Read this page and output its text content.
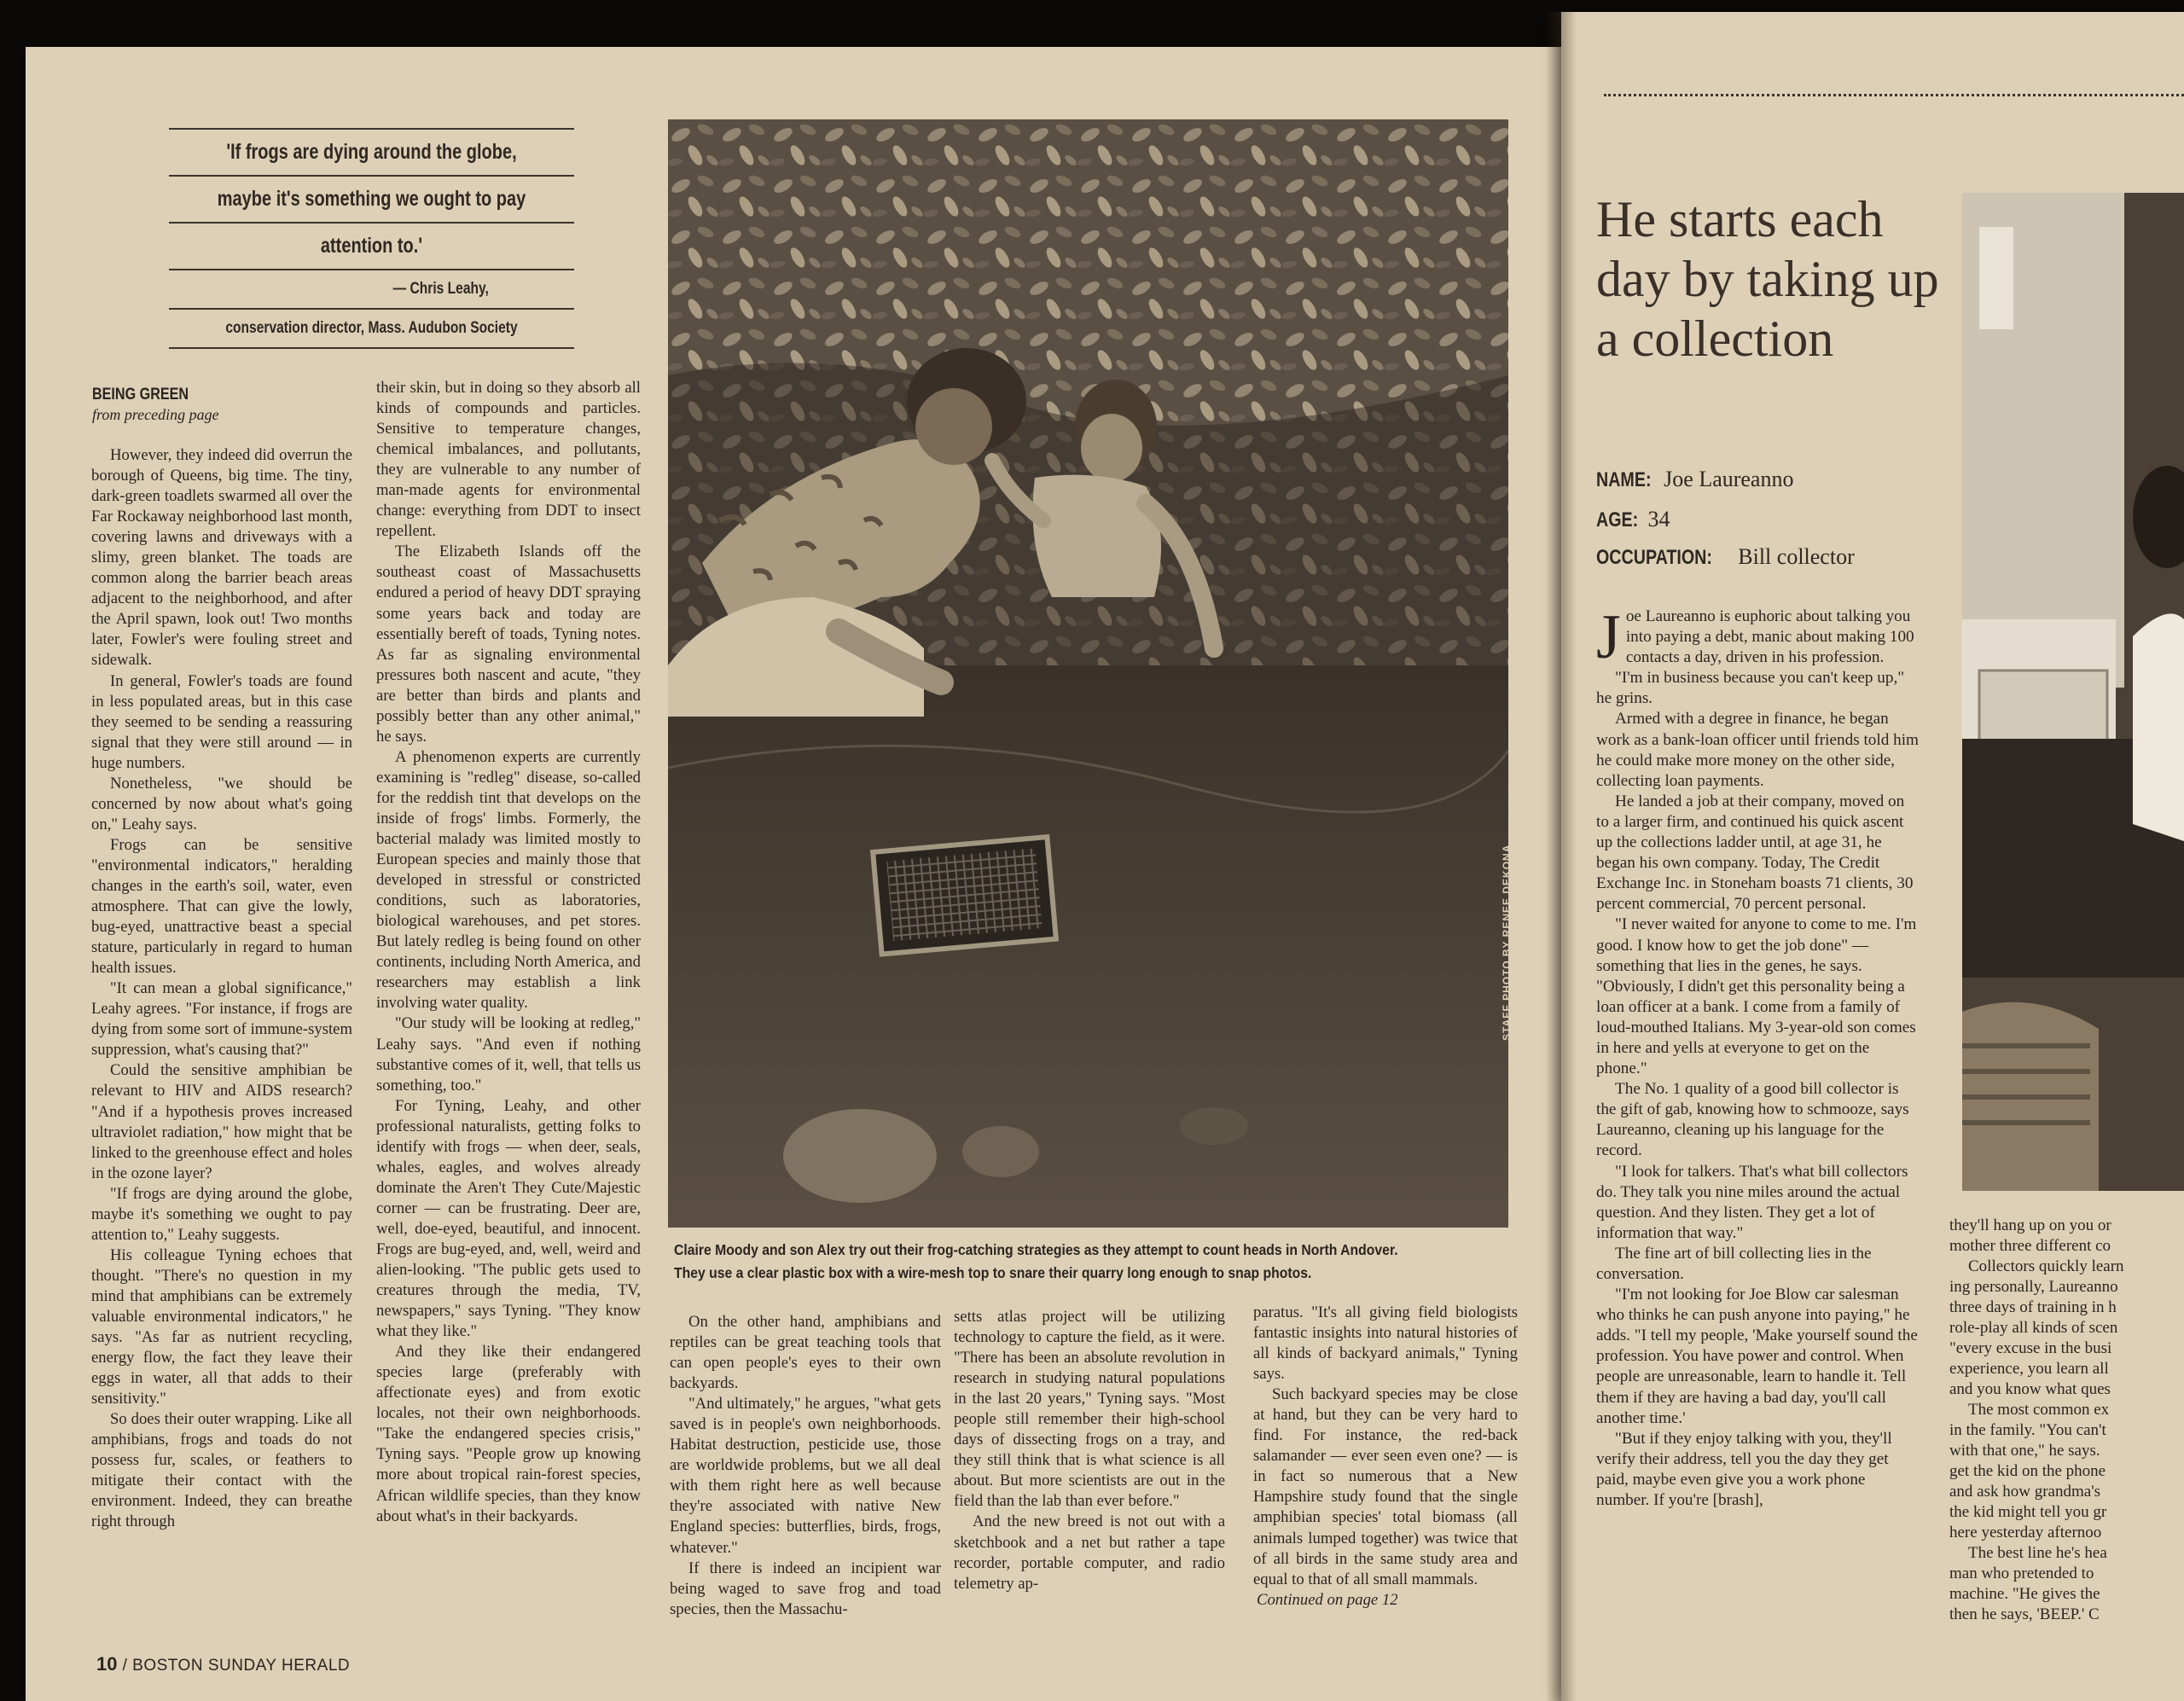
'If frogs are dying around the globe,
maybe it's something we ought to pay
attention to.'
— Chris Leahy,
conservation director, Mass. Audubon Society
BEING GREEN
from preceding page

However, they indeed did overrun the borough of Queens, big time. The tiny, dark-green toadlets swarmed all over the Far Rockaway neighborhood last month, covering lawns and driveways with a slimy, green blanket. The toads are common along the barrier beach areas adjacent to the neighborhood, and after the April spawn, look out! Two months later, Fowler's were fouling street and sidewalk.

In general, Fowler's toads are found in less populated areas, but in this case they seemed to be sending a reassuring signal that they were still around — in huge numbers.

Nonetheless, "we should be concerned by now about what's going on," Leahy says.

Frogs can be sensitive "environmental indicators," heralding changes in the earth's soil, water, even atmosphere. That can give the lowly, bug-eyed, unattractive beast a special stature, particularly in regard to human health issues.

"It can mean a global significance," Leahy agrees. "For instance, if frogs are dying from some sort of immune-system suppression, what's causing that?"

Could the sensitive amphibian be relevant to HIV and AIDS research? "And if a hypothesis proves increased ultraviolet radiation," how might that be linked to the greenhouse effect and holes in the ozone layer?

"If frogs are dying around the globe, maybe it's something we ought to pay attention to," Leahy suggests.

His colleague Tyning echoes that thought. "There's no question in my mind that amphibians can be extremely valuable environmental indicators," he says. "As far as nutrient recycling, energy flow, the fact they leave their eggs in water, all that adds to their sensitivity."

So does their outer wrapping. Like all amphibians, frogs and toads do not possess fur, scales, or feathers to mitigate their contact with the environment. Indeed, they can breathe right through

their skin, but in doing so they absorb all kinds of compounds and particles. Sensitive to temperature changes, chemical imbalances, and pollutants, they are vulnerable to any number of man-made agents for environmental change: everything from DDT to insect repellent.

The Elizabeth Islands off the southeast coast of Massachusetts endured a period of heavy DDT spraying some years back and today are essentially bereft of toads, Tyning notes. As far as signaling environmental pressures both nascent and acute, "they are better than birds and plants and possibly better than any other animal," he says.

A phenomenon experts are currently examining is "redleg" disease, so-called for the reddish tint that develops on the inside of frogs' limbs. Formerly, the bacterial malady was limited mostly to European species and mainly those that developed in stressful or constricted conditions, such as laboratories, biological warehouses, and pet stores. But lately redleg is being found on other continents, including North America, and researchers may establish a link involving water quality.

"Our study will be looking at redleg," Leahy says. "And even if nothing substantive comes of it, well, that tells us something, too."

For Tyning, Leahy, and other professional naturalists, getting folks to identify with frogs — when deer, seals, whales, eagles, and wolves already dominate the Aren't They Cute/Majestic corner — can be frustrating. Deer are, well, doe-eyed, beautiful, and innocent. Frogs are bug-eyed, and, well, weird and alien-looking. "The public gets used to creatures through the media, TV, newspapers," says Tyning. "They know what they like."

And they like their endangered species large (preferably with affectionate eyes) and from exotic locales, not their own neighborhoods. "Take the endangered species crisis," Tyning says. "People grow up knowing more about tropical rain-forest species, African wildlife species, than they know about what's in their backyards.

STAFF PHOTO BY RENEE DEKONA
Claire Moody and son Alex try out their frog-catching strategies as they attempt to count heads in North Andover. They use a clear plastic box with a wire-mesh top to snare their quarry long enough to snap photos.

On the other hand, amphibians and reptiles can be great teaching tools that can open people's eyes to their own backyards.

"And ultimately," he argues, "what gets saved is in people's own neighborhoods. Habitat destruction, pesticide use, those are worldwide problems, but we all deal with them right here as well because they're associated with native New England species: butterflies, birds, frogs, whatever."

If there is indeed an incipient war being waged to save frog and toad species, then the Massachu-

setts atlas project will be utilizing technology to capture the field, as it were. "There has been an absolute revolution in research in studying natural populations in the last 20 years," Tyning says. "Most people still remember their high-school days of dissecting frogs on a tray, and they still think that is what science is all about. But more scientists are out in the field than the lab than ever before."

And the new breed is not out with a sketchbook and a net but rather a tape recorder, portable computer, and radio telemetry ap-

paratus. "It's all giving field biologists fantastic insights into natural histories of all kinds of backyard animals," Tyning says.

Such backyard species may be close at hand, but they can be very hard to find. For instance, the red-back salamander — ever seen even one? — is in fact so numerous that a New Hampshire study found that the single amphibian species' total biomass (all animals lumped together) was twice that of all birds in the same study area and equal to that of all small mammals.

Continued on page 12

10 / BOSTON SUNDAY HERALD
He starts each day by taking up a collection
NAME: Joe Laureanno
AGE: 34
OCCUPATION: Bill collector

Joe Laureanno is euphoric about talking you into paying a debt, manic about making 100 contacts a day, driven in his profession.

"I'm in business because you can't keep up," he grins.

Armed with a degree in finance, he began work as a bank-loan officer until friends told him he could make more money on the other side, collecting loan payments.

He landed a job at their company, moved on to a larger firm, and continued his quick ascent up the collections ladder until, at age 31, he began his own company. Today, The Credit Exchange Inc. in Stoneham boasts 71 clients, 30 percent commercial, 70 percent personal.

"I never waited for anyone to come to me. I'm good. I know how to get the job done" — something that lies in the genes, he says. "Obviously, I didn't get this personality being a loan officer at a bank. I come from a family of loud-mouthed Italians. My 3-year-old son comes in here and yells at everyone to get on the phone."

The No. 1 quality of a good bill collector is the gift of gab, knowing how to schmooze, says Laureanno, cleaning up his language for the record.

"I look for talkers. That's what bill collectors do. They talk you nine miles around the actual question. And they listen. They get a lot of information that way."

The fine art of bill collecting lies in the conversation.

"I'm not looking for Joe Blow car salesman who thinks he can push anyone into paying," he adds. "I tell my people, 'Make yourself sound the profession. You have power and control. When people are unreasonable, learn to handle it. Tell them if they are having a bad day, you'll call another time.'

"But if they enjoy talking with you, they'll verify their address, tell you the day they get paid, maybe even give you a work phone number. If you're [brash],

they'll hang up on you or

mother three different co

Collectors quickly learn

ing personally, Laureanno

three days of training in h

role-play all kinds of scen

"every excuse in the busi

experience, you learn all

and you know what ques

The most common ex

in the family. "You can't

with that one," he says.

get the kid on the phone

and ask how grandma's

the kid might tell you gr

here yesterday afternoo

The best line he's hea

man who pretended to

machine. "He gives the

then he says, 'BEEP.' C
